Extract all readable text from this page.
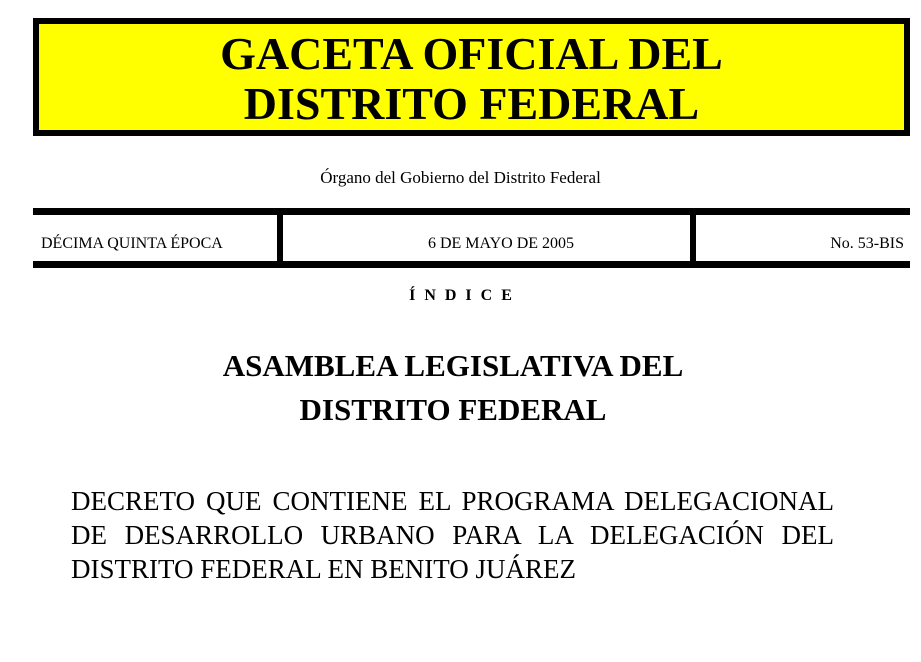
GACETA OFICIAL DEL
DISTRITO FEDERAL
Órgano del Gobierno del Distrito Federal
DÉCIMA QUINTA ÉPOCA	6 DE MAYO DE 2005	No. 53-BIS
ÍNDICE
ASAMBLEA LEGISLATIVA DEL
DISTRITO FEDERAL

DECRETO QUE CONTIENE EL PROGRAMA DELEGACIONAL DE DESARROLLO URBANO PARA LA DELEGACIÓN DEL DISTRITO FEDERAL EN BENITO JUÁREZ
